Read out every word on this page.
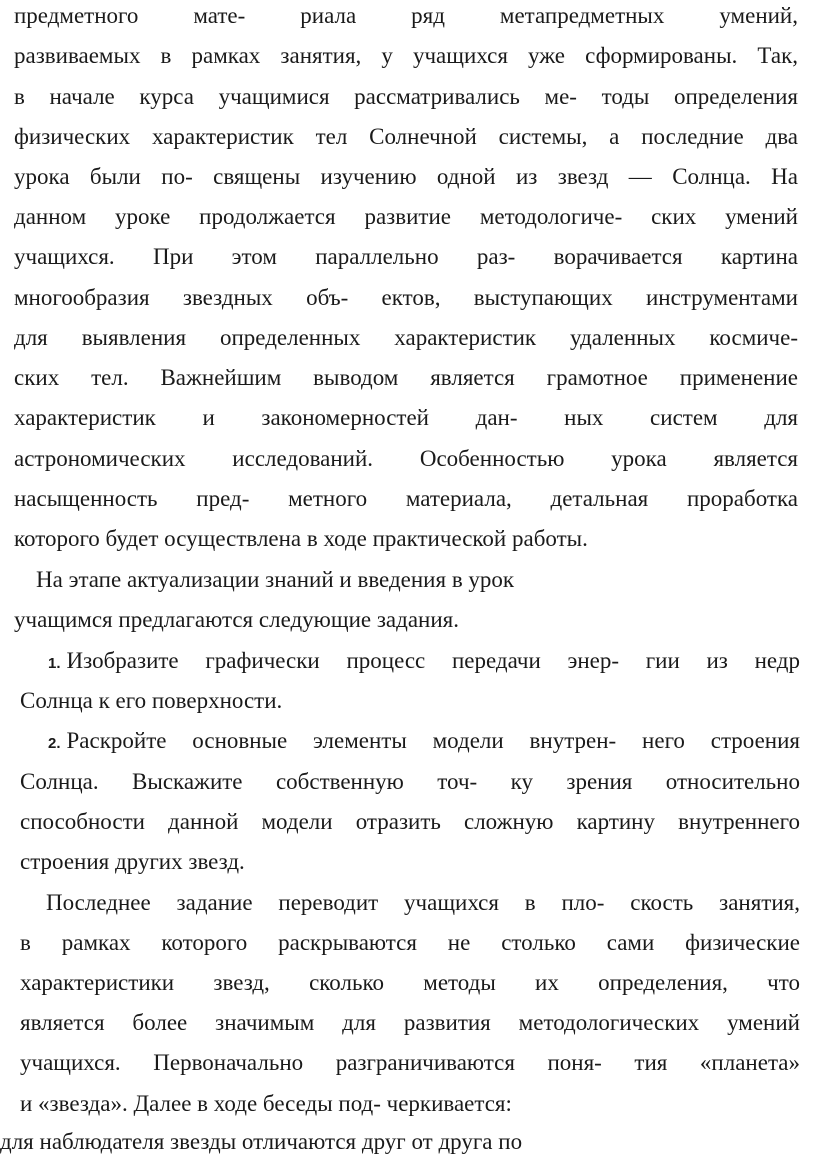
предметного мате- риала ряд метапредметных умений,
развиваемых в рамках занятия, у учащихся уже сформированы. Так,
в начале курса учащимися рассматривались ме- тоды определения
физических характеристик тел Солнечной системы, а последние два
урока были по- священы изучению одной из звезд — Солнца. На
данном уроке продолжается развитие методологиче- ских умений
учащихся. При этом параллельно раз- ворачивается картина
многообразия звездных объ- ектов, выступающих инструментами
для выявления определенных характеристик удаленных космиче-
ских тел. Важнейшим выводом является грамотное применение
характеристик и закономерностей дан- ных систем для
астрономических исследований. Особенностью урока является
насыщенность пред- метного материала, детальная проработка
которого будет осуществлена в ходе практической работы.
На этапе актуализации знаний и введения в урок
учащимся предлагаются следующие задания.
1. Изобразите графически процесс передачи энер- гии из недр
Солнца к его поверхности.
2. Раскройте основные элементы модели внутрен- него строения
Солнца. Выскажите собственную точ- ку зрения относительно
способности данной модели отразить сложную картину внутреннего
строения других звезд.
Последнее задание переводит учащихся в пло- скость занятия,
в рамках которого раскрываются не столько сами физические
характеристики звезд, сколько методы их определения, что
является более значимым для развития методологических умений
учащихся. Первоначально разграничиваются поня- тия «планета»
и «звезда». Далее в ходе беседы под- черкивается:
для наблюдателя звезды отличаются друг от друга по
